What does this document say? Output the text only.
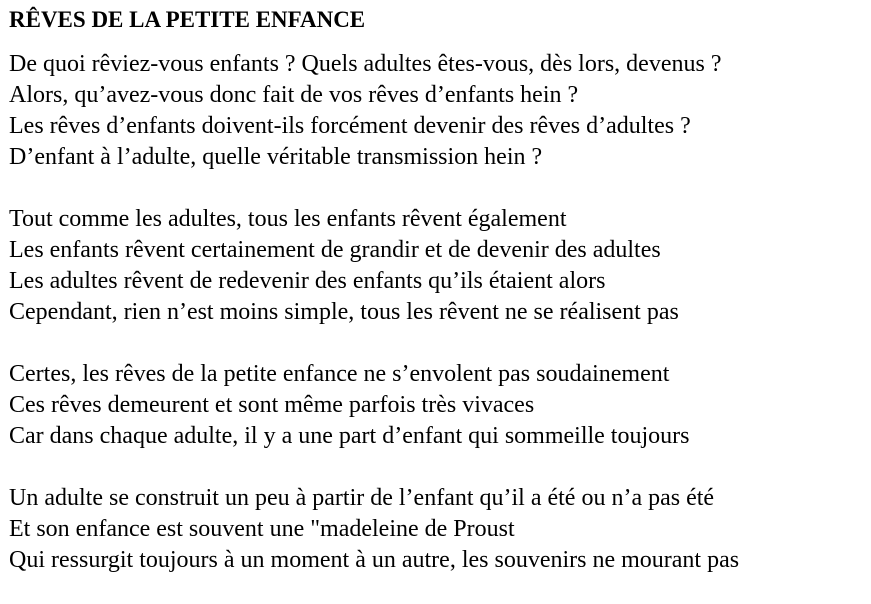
RÊVES DE LA PETITE ENFANCE
De quoi rêviez-vous enfants ? Quels adultes êtes-vous, dès lors, devenus ?
Alors, qu’avez-vous donc fait de vos rêves d’enfants hein ?
Les rêves d’enfants doivent-ils forcément devenir des rêves d’adultes ?
D’enfant à l’adulte, quelle véritable transmission hein ?
Tout comme les adultes, tous les enfants rêvent également
Les enfants rêvent certainement de grandir et de devenir des adultes
Les adultes rêvent de redevenir des enfants qu’ils étaient alors
Cependant, rien n’est moins simple, tous les rêvent ne se réalisent pas
Certes, les rêves de la petite enfance ne s’envolent pas soudainement
Ces rêves demeurent et sont même parfois très vivaces
Car dans chaque adulte, il y a une part d’enfant qui sommeille toujours
Un adulte se construit un peu à partir de l’enfant qu’il a été ou n’a pas été
Et son enfance est souvent une "madeleine de Proust
Qui ressurgit toujours à un moment à un autre, les souvenirs ne mourant pas
